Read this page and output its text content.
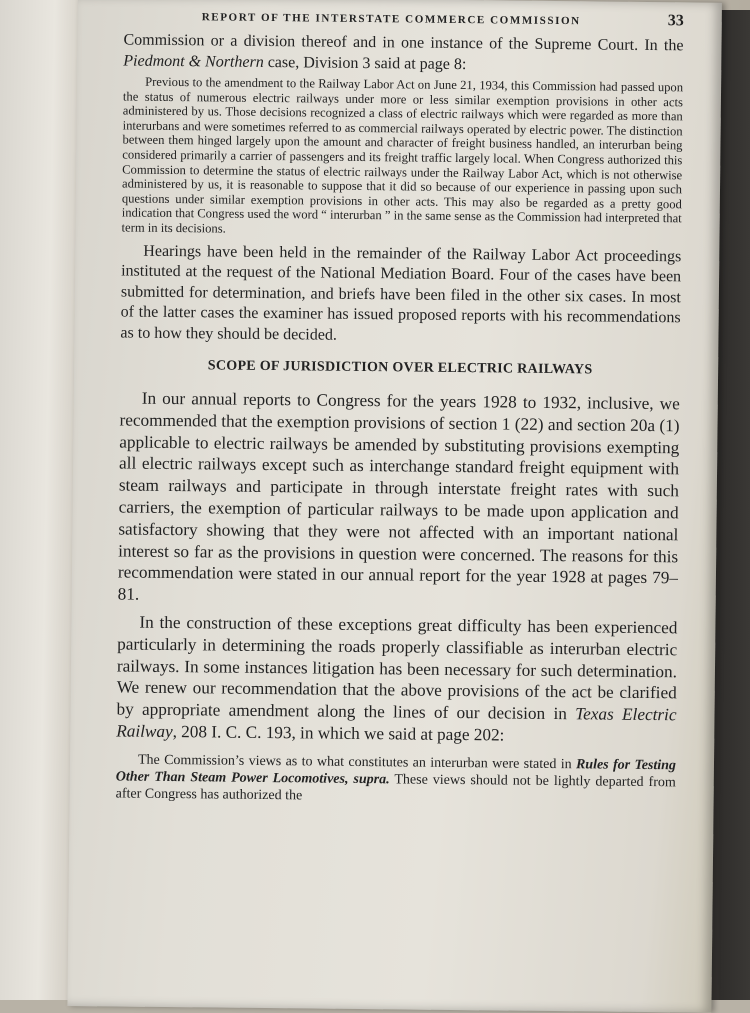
REPORT OF THE INTERSTATE COMMERCE COMMISSION	33

Commission or a division thereof and in one instance of the Supreme Court. In the Piedmont & Northern case, Division 3 said at page 8:

Previous to the amendment to the Railway Labor Act on June 21, 1934, this Commission had passed upon the status of numerous electric railways under more or less similar exemption provisions in other acts administered by us. Those decisions recognized a class of electric railways which were regarded as more than interurbans and were sometimes referred to as commercial railways operated by electric power. The distinction between them hinged largely upon the amount and character of freight business handled, an interurban being considered primarily a carrier of passengers and its freight traffic largely local. When Congress authorized this Commission to determine the status of electric railways under the Railway Labor Act, which is not otherwise administered by us, it is reasonable to suppose that it did so because of our experience in passing upon such questions under similar exemption provisions in other acts. This may also be regarded as a pretty good indication that Congress used the word “ interurban ” in the same sense as the Commission had interpreted that term in its decisions.

Hearings have been held in the remainder of the Railway Labor Act proceedings instituted at the request of the National Mediation Board. Four of the cases have been submitted for determination, and briefs have been filed in the other six cases. In most of the latter cases the examiner has issued proposed reports with his recommendations as to how they should be decided.

SCOPE OF JURISDICTION OVER ELECTRIC RAILWAYS

In our annual reports to Congress for the years 1928 to 1932, inclusive, we recommended that the exemption provisions of section 1 (22) and section 20a (1) applicable to electric railways be amended by substituting provisions exempting all electric railways except such as interchange standard freight equipment with steam railways and participate in through interstate freight rates with such carriers, the exemption of particular railways to be made upon application and satisfactory showing that they were not affected with an important national interest so far as the provisions in question were concerned. The reasons for this recommendation were stated in our annual report for the year 1928 at pages 79–81.

In the construction of these exceptions great difficulty has been experienced particularly in determining the roads properly classifiable as interurban electric railways. In some instances litigation has been necessary for such determination. We renew our recommendation that the above provisions of the act be clarified by appropriate amendment along the lines of our decision in Texas Electric Railway, 208 I. C. C. 193, in which we said at page 202:

The Commission’s views as to what constitutes an interurban were stated in Rules for Testing Other Than Steam Power Locomotives, supra. These views should not be lightly departed from after Congress has authorized the
